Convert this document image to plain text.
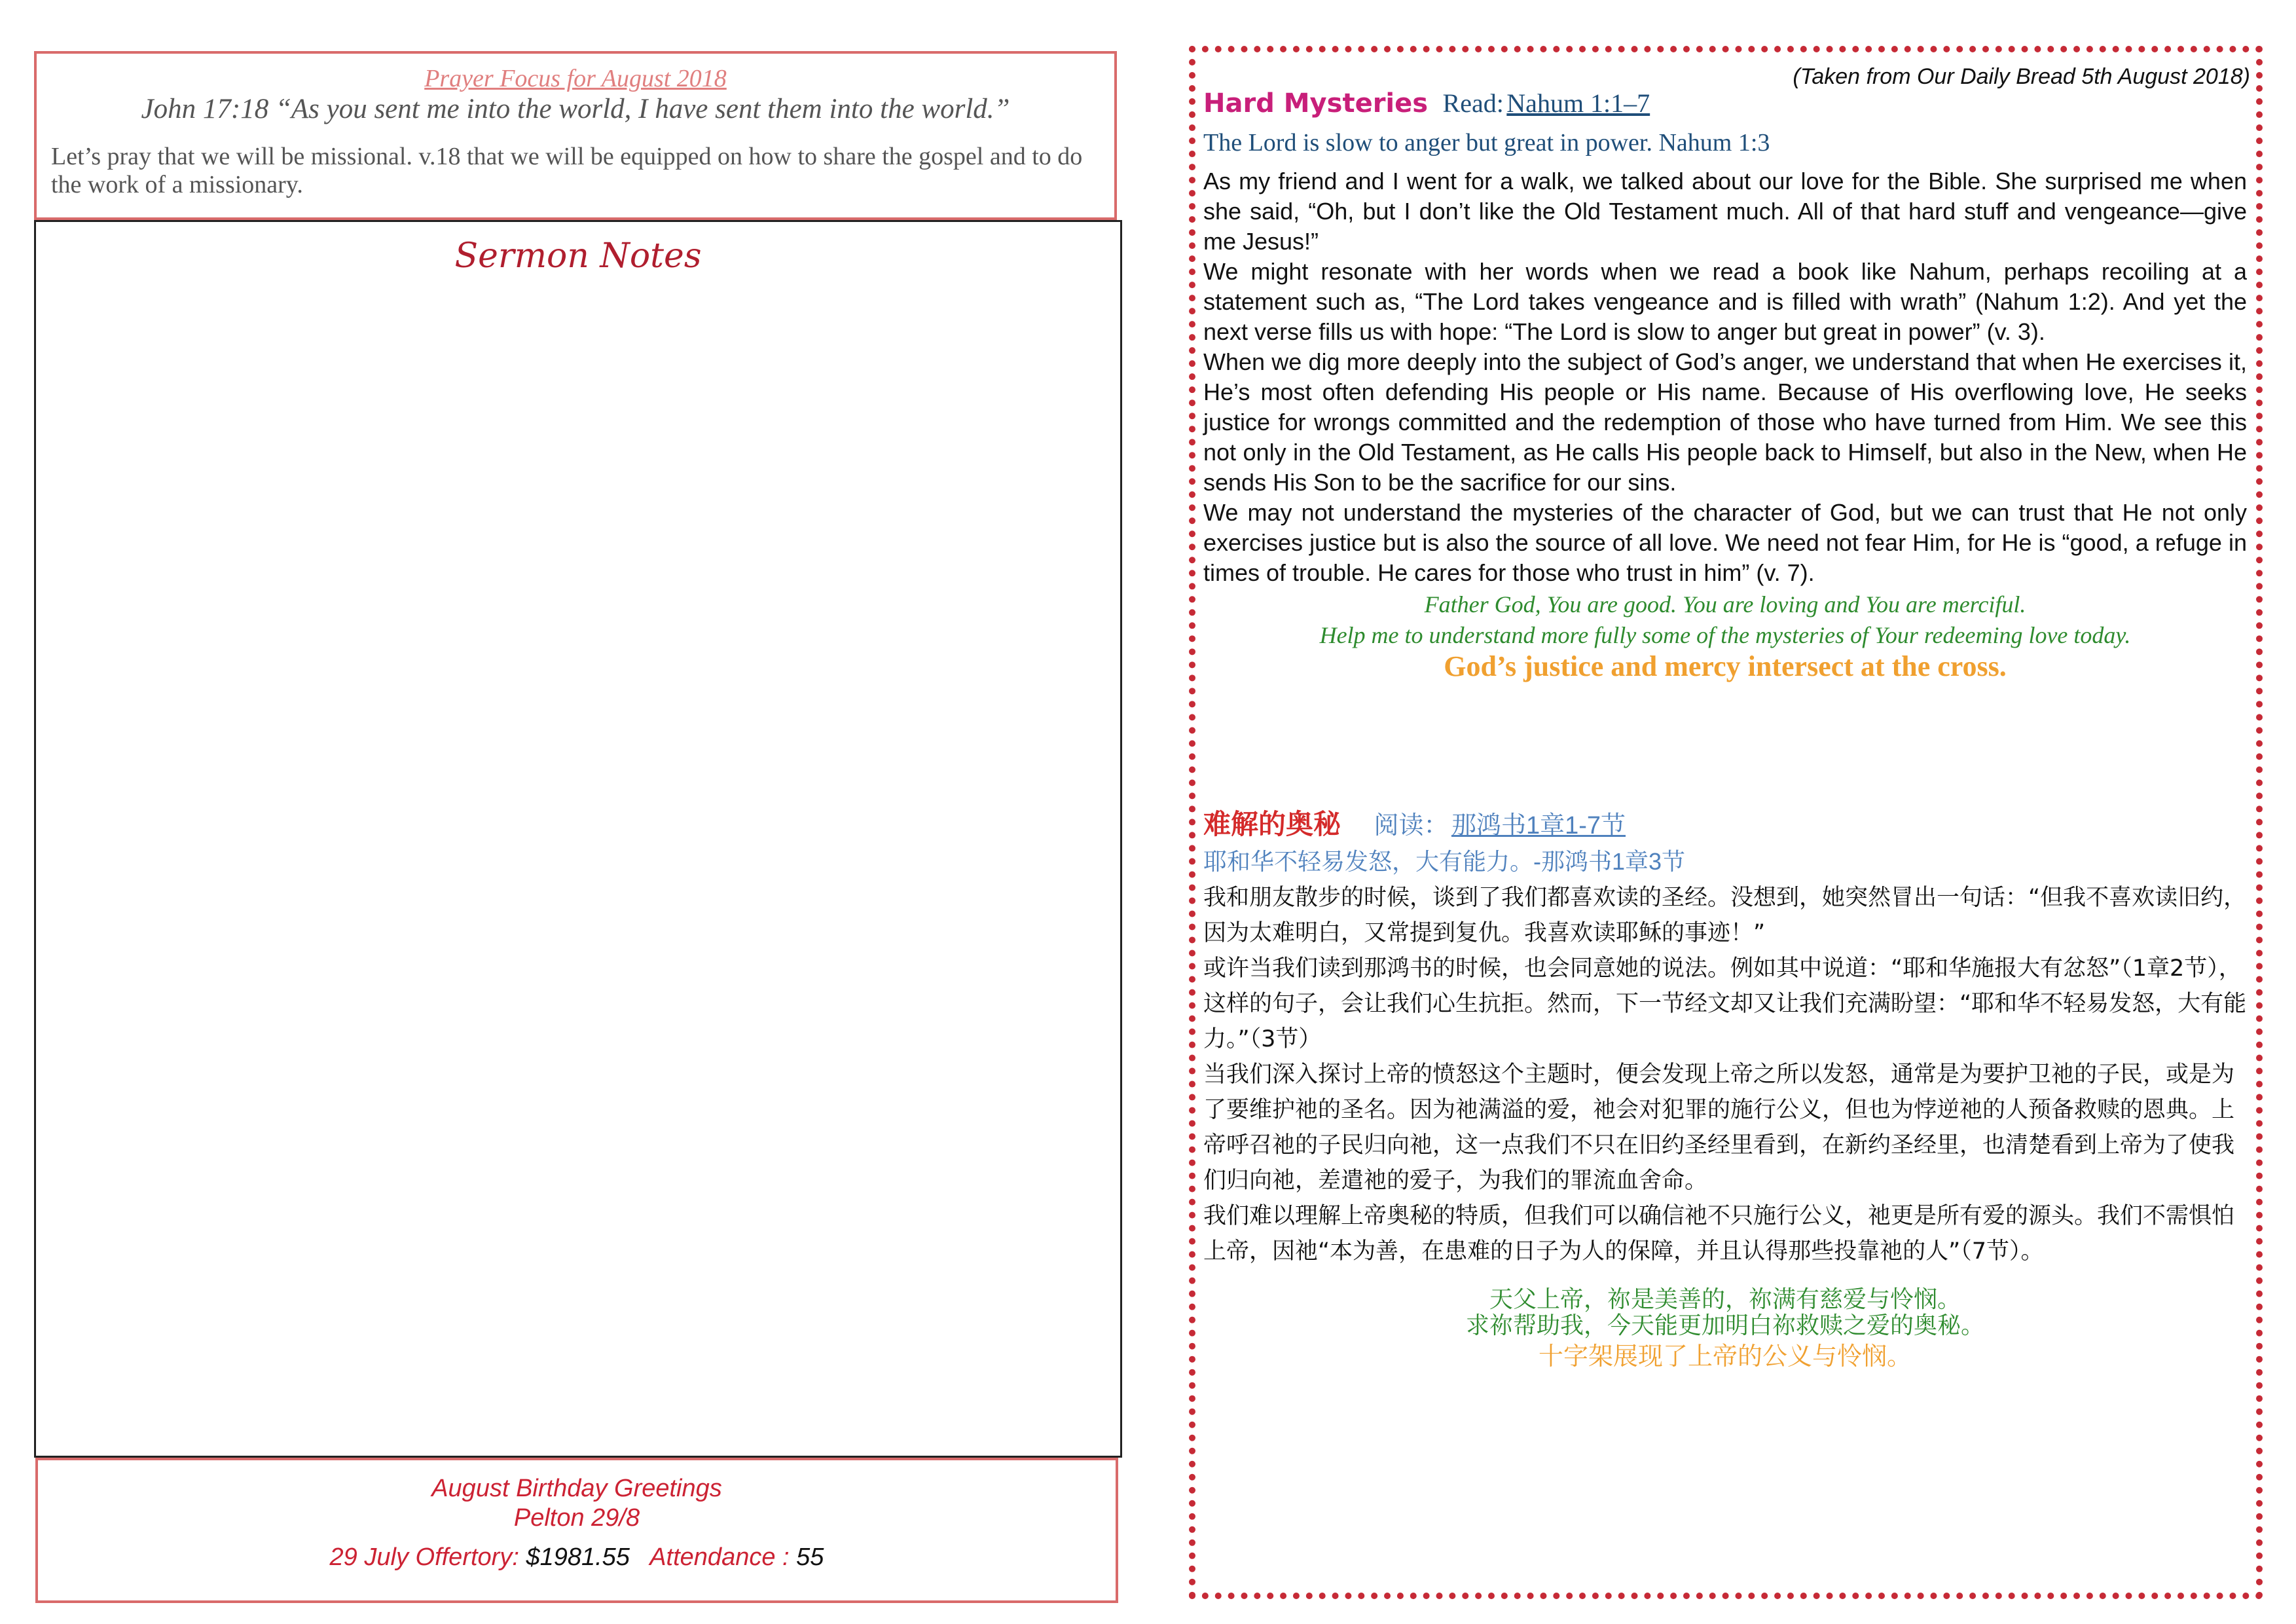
Prayer Focus for August 2018
John 17:18 “As you sent me into the world, I have sent them into the world.”
Let’s pray that we will be missional. v.18 that we will be equipped on how to share the gospel and to do the work of a missionary.
Sermon Notes
August Birthday Greetings
Pelton 29/8
29 July Offertory: $1981.55 Attendance : 55
(Taken from Our Daily Bread 5th August 2018)
Hard Mysteries Read: Nahum 1:1–7
The Lord is slow to anger but great in power. Nahum 1:3

As my friend and I went for a walk, we talked about our love for the Bible. She surprised me when she said, “Oh, but I don’t like the Old Testament much. All of that hard stuff and vengeance—give me Jesus!”

We might resonate with her words when we read a book like Nahum, perhaps recoiling at a statement such as, “The Lord takes vengeance and is filled with wrath” (Nahum 1:2). And yet the next verse fills us with hope: “The Lord is slow to anger but great in power” (v. 3).

When we dig more deeply into the subject of God’s anger, we understand that when He exercises it, He’s most often defending His people or His name. Because of His overflowing love, He seeks justice for wrongs committed and the redemption of those who have turned from Him. We see this not only in the Old Testament, as He calls His people back to Himself, but also in the New, when He sends His Son to be the sacrifice for our sins.

We may not understand the mysteries of the character of God, but we can trust that He not only exercises justice but is also the source of all love. We need not fear Him, for He is “good, a refuge in times of trouble. He cares for those who trust in him” (v. 7).

Father God, You are good. You are loving and You are merciful.
Help me to understand more fully some of the mysteries of Your redeeming love today.
God’s justice and mercy intersect at the cross.
难解的奥秘 阅读： 那鸿书1章1-7节
耶和华不轻易发怒，大有能力。-那鸿书1章3节

我和朋友散步的时候，谈到了我们都喜欢读的圣经。没想到，她突然冒出一句话：“但我不喜欢读旧约，因为太难明白，又常提到复仇。我喜欢读耶稣的事迹！”

或许当我们读到那鸿书的时候，也会同意她的说法。例如其中说道：“耶和华施报大有忿怒”（1章2节），这样的句子，会让我们心生抗拒。然而，下一节经文却又让我们充满盼望：“耶和华不轻易发怒，大有能力。”（3节）

当我们深入探讨上帝的愤怒这个主题时，便会发现上帝之所以发怒，通常是为要护卫祂的子民，或是为了要维护祂的圣名。因为祂满溢的爱，祂会对犯罪的施行公义，但也为悖逆祂的人预备救赎的恩典。上帝呼召祂的子民归向祂，这一点我们不只在旧约圣经里看到，在新约圣经里，也清楚看到上帝为了使我们归向祂，差遣祂的爱子，为我们的罪流血舍命。

我们难以理解上帝奥秘的特质，但我们可以确信祂不只施行公义，祂更是所有爱的源头。我们不需惧怕上帝，因祂“本为善，在患难的日子为人的保障，并且认得那些投靠祂的人”（7节）。

天父上帝，祢是美善的，祢满有慈爱与怜悯。
求祢帮助我，今天能更加明白祢救赎之爱的奥秘。
十字架展现了上帝的公义与怜悯。
